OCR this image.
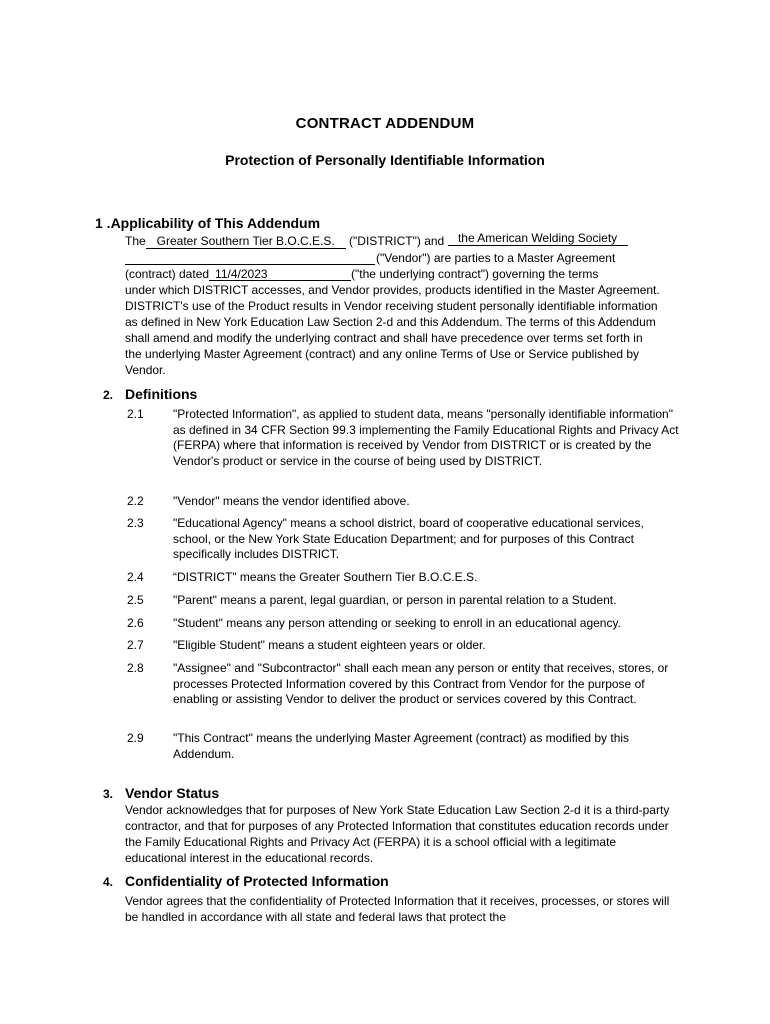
CONTRACT ADDENDUM
Protection of Personally Identifiable Information
1 .Applicability of This Addendum
The Greater Southern Tier B.O.C.E.S. ("DISTRICT") and the American Welding Society
("Vendor") are parties to a Master Agreement
(contract) dated 11/4/2023	("the underlying contract") governing the terms
under which DISTRICT accesses, and Vendor provides, products identified in the Master Agreement. DISTRICT's use of the Product results in Vendor receiving student personally identifiable information as defined in New York Education Law Section 2-d and this Addendum. The terms of this Addendum shall amend and modify the underlying contract and shall have precedence over terms set forth in the underlying Master Agreement (contract) and any online Terms of Use or Service published by Vendor.
2. Definitions
2.1	"Protected Information", as applied to student data, means "personally identifiable information" as defined in 34 CFR Section 99.3 implementing the Family Educational Rights and Privacy Act (FERPA) where that information is received by Vendor from DISTRICT or is created by the Vendor's product or service in the course of being used by DISTRICT.
2.2	"Vendor" means the vendor identified above.
2.3	"Educational Agency" means a school district, board of cooperative educational services, school, or the New York State Education Department; and for purposes of this Contract specifically includes DISTRICT.
2.4	“DISTRICT" means the Greater Southern Tier B.O.C.E.S.
2.5	"Parent" means a parent, legal guardian, or person in parental relation to a Student.
2.6	"Student" means any person attending or seeking to enroll in an educational agency.
2.7	"Eligible Student" means a student eighteen years or older.
2.8	"Assignee" and "Subcontractor" shall each mean any person or entity that receives, stores, or processes Protected Information covered by this Contract from Vendor for the purpose of enabling or assisting Vendor to deliver the product or services covered by this Contract.
2.9	"This Contract" means the underlying Master Agreement (contract) as modified by this Addendum.
3. Vendor Status
Vendor acknowledges that for purposes of New York State Education Law Section 2-d it is a third-party contractor, and that for purposes of any Protected Information that constitutes education records under the Family Educational Rights and Privacy Act (FERPA) it is a school official with a legitimate educational interest in the educational records.
4. Confidentiality of Protected Information
Vendor agrees that the confidentiality of Protected Information that it receives, processes, or stores will be handled in accordance with all state and federal laws that protect the
